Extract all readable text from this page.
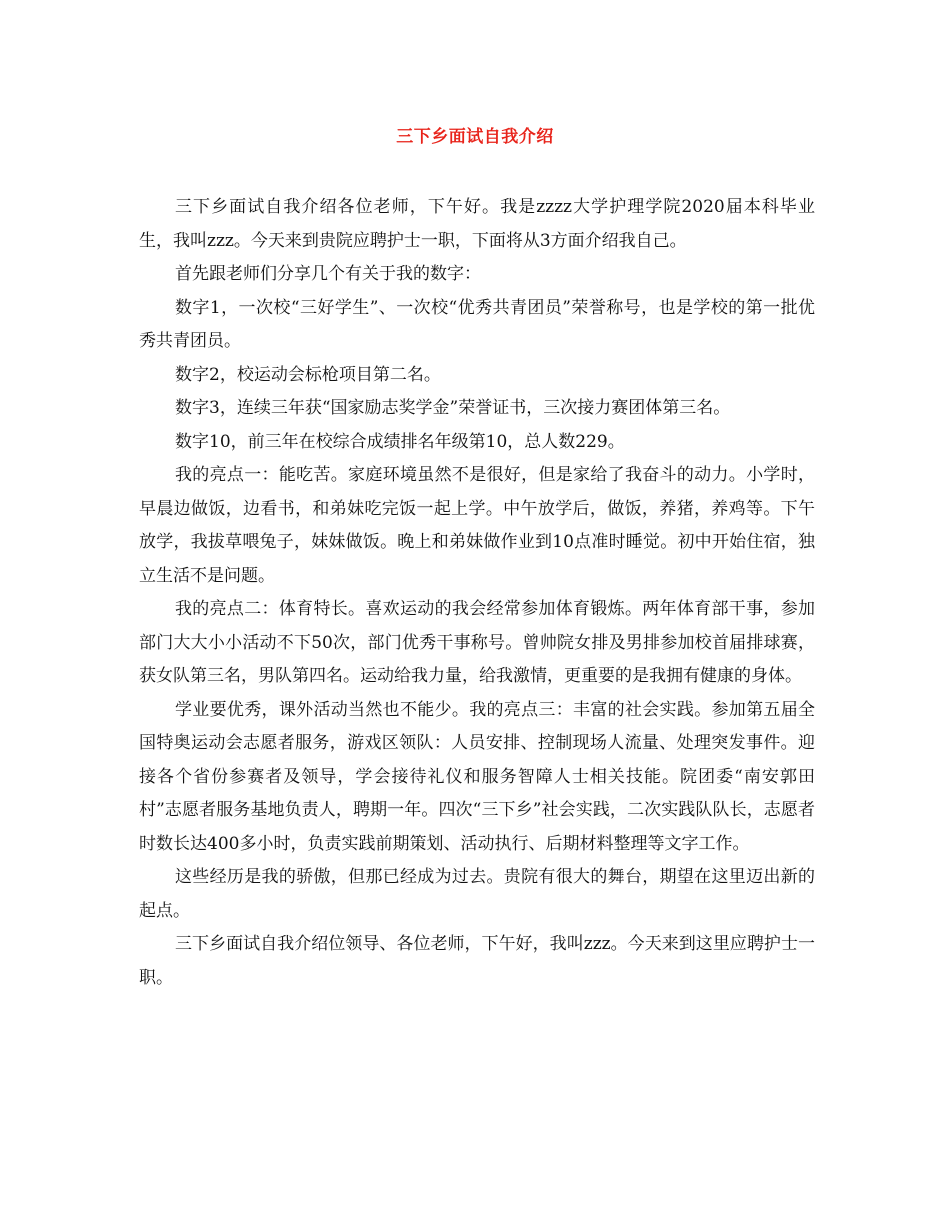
三下乡面试自我介绍

三下乡面试自我介绍各位老师，下午好。我是zzzz大学护理学院2020届本科毕业生，我叫zzz。今天来到贵院应聘护士一职，下面将从3方面介绍我自己。

首先跟老师们分享几个有关于我的数字：

数字1，一次校“三好学生”、一次校“优秀共青团员”荣誉称号，也是学校的第一批优秀共青团员。

数字2，校运动会标枪项目第二名。

数字3，连续三年获“国家励志奖学金”荣誉证书，三次接力赛团体第三名。

数字10，前三年在校综合成绩排名年级第10，总人数229。

我的亮点一：能吃苦。家庭环境虽然不是很好，但是家给了我奋斗的动力。小学时，早晨边做饭，边看书，和弟妹吃完饭一起上学。中午放学后，做饭，养猪，养鸡等。下午放学，我拔草喂兔子，妹妹做饭。晚上和弟妹做作业到10点准时睡觉。初中开始住宿，独立生活不是问题。

我的亮点二：体育特长。喜欢运动的我会经常参加体育锻炼。两年体育部干事，参加部门大大小小活动不下50次，部门优秀干事称号。曾帅院女排及男排参加校首届排球赛，获女队第三名，男队第四名。运动给我力量，给我激情，更重要的是我拥有健康的身体。

学业要优秀，课外活动当然也不能少。我的亮点三：丰富的社会实践。参加第五届全国特奥运动会志愿者服务，游戏区领队：人员安排、控制现场人流量、处理突发事件。迎接各个省份参赛者及领导，学会接待礼仪和服务智障人士相关技能。院团委“南安郭田村”志愿者服务基地负责人，聘期一年。四次“三下乡”社会实践，二次实践队队长，志愿者时数长达400多小时，负责实践前期策划、活动执行、后期材料整理等文字工作。

这些经历是我的骄傲，但那已经成为过去。贵院有很大的舞台，期望在这里迈出新的起点。

三下乡面试自我介绍位领导、各位老师，下午好，我叫zzz。今天来到这里应聘护士一职。
